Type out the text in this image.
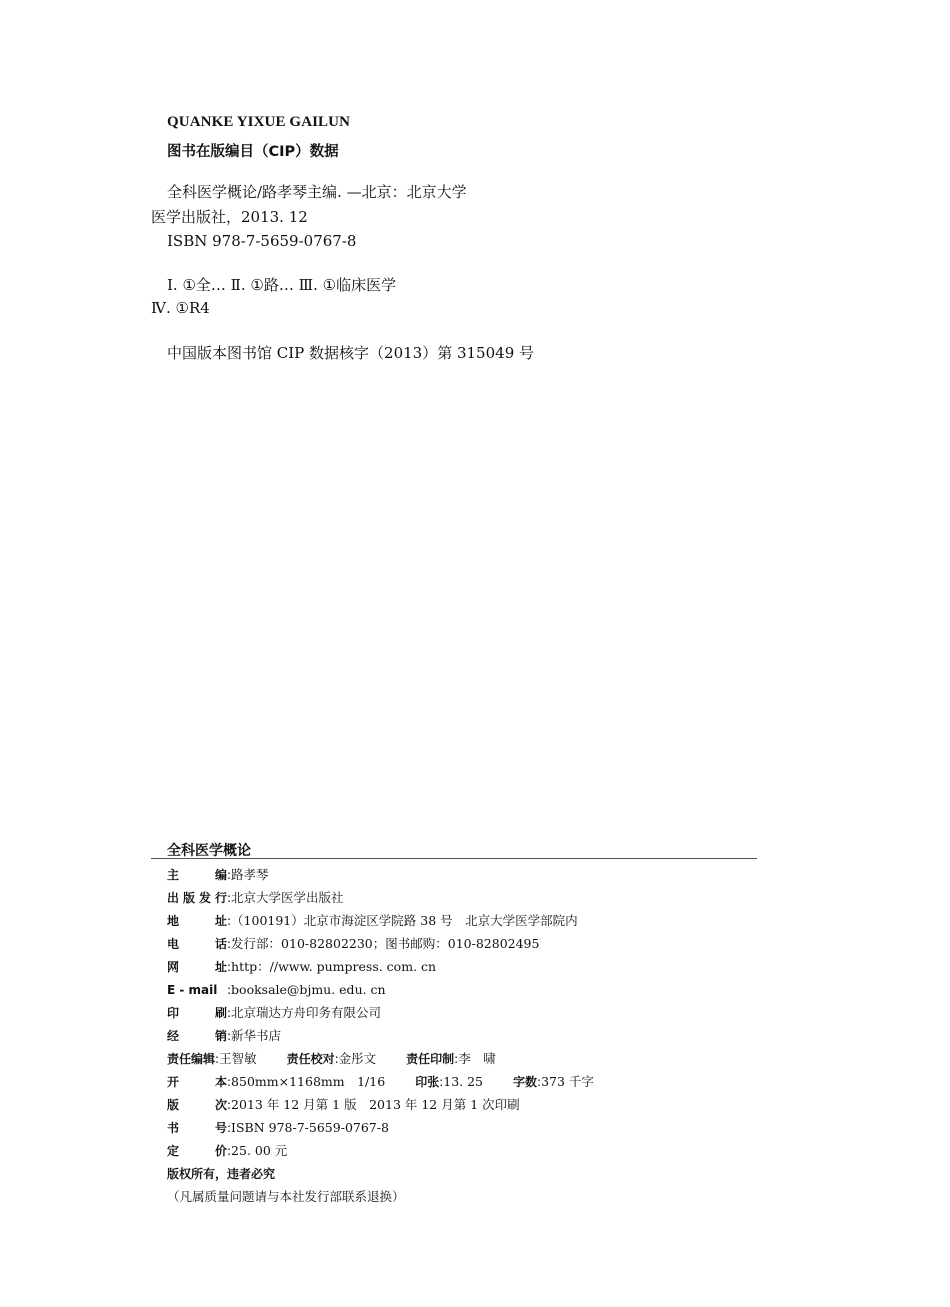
QUANKE YIXUE GAILUN
图书在版编目（CIP）数据
全科医学概论/路孝琴主编. —北京：北京大学
医学出版社，2013. 12
ISBN 978-7-5659-0767-8
Ⅰ. ①全… Ⅱ. ①路… Ⅲ. ①临床医学
Ⅳ. ①R4
中国版本图书馆 CIP 数据核字（2013）第 315049 号
全科医学概论
主　　编:路孝琴
出版发行:北京大学医学出版社
地　　址:（100191）北京市海淀区学院路 38 号　北京大学医学部院内
电　　话:发行部：010-82802230；图书邮购：010-82802495
网　　址:http：//www. pumpress. com. cn
E - mail :booksale@bjmu. edu. cn
印　　刷:北京瑞达方舟印务有限公司
经　　销:新华书店
责任编辑:王智敏	责任校对:金彤文	责任印制:李　啸
开　　本:850mm×1168mm　1/16	印张:13. 25	字数:373 千字
版　　次:2013 年 12 月第 1 版　2013 年 12 月第 1 次印刷
书　　号:ISBN 978-7-5659-0767-8
定　　价:25. 00 元
版权所有，违者必究
（凡属质量问题请与本社发行部联系退换）
